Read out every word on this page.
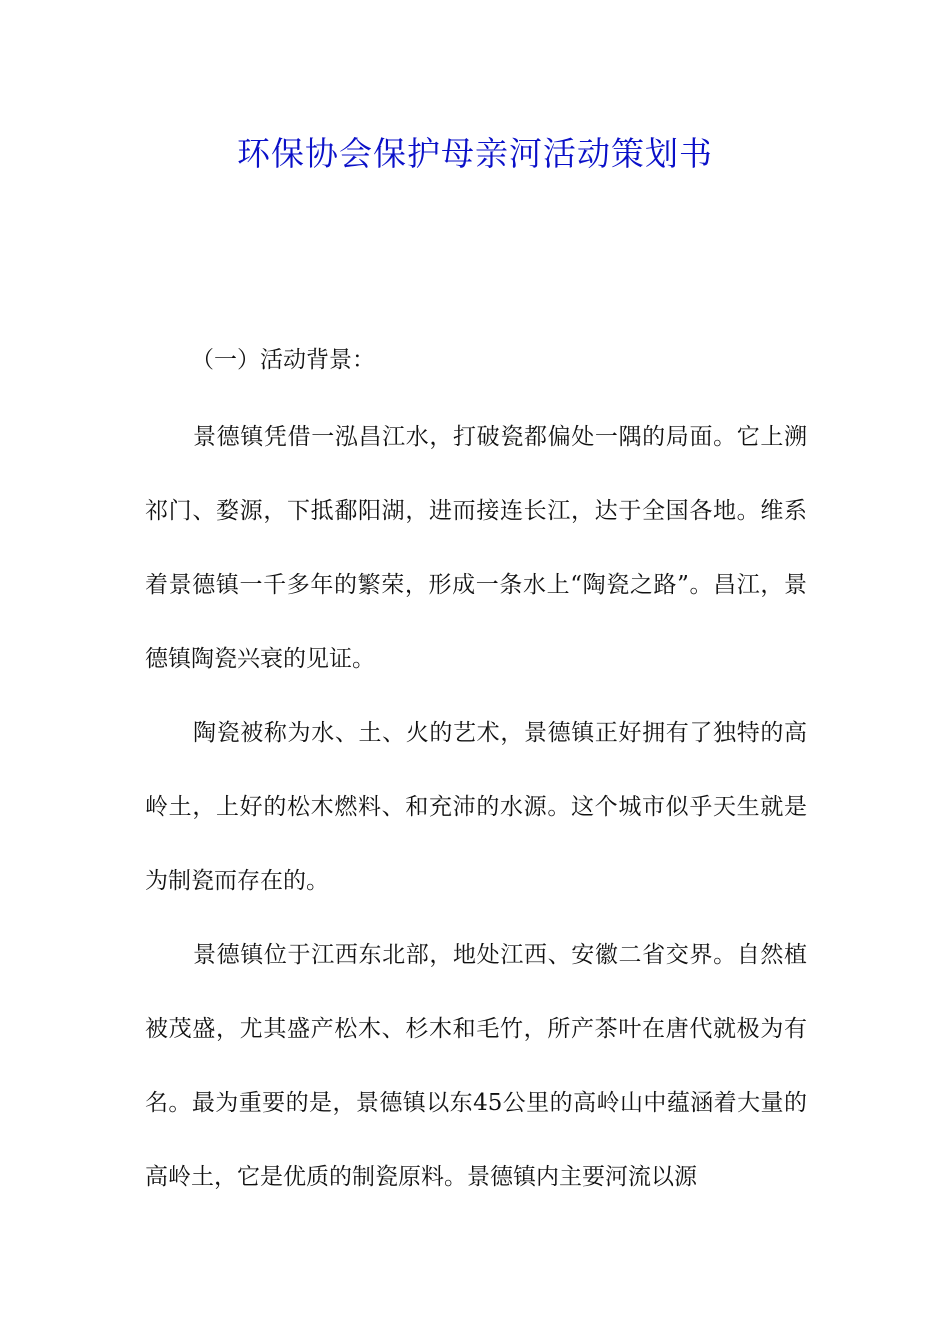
环保协会保护母亲河活动策划书
（一）活动背景：
景德镇凭借一泓昌江水，打破瓷都偏处一隅的局面。它上溯祁门、婺源，下抵鄱阳湖，进而接连长江，达于全国各地。维系着景德镇一千多年的繁荣，形成一条水上“陶瓷之路”。昌江，景德镇陶瓷兴衰的见证。
陶瓷被称为水、土、火的艺术，景德镇正好拥有了独特的高岭土，上好的松木燃料、和充沛的水源。这个城市似乎天生就是为制瓷而存在的。
景德镇位于江西东北部，地处江西、安徽二省交界。自然植被茂盛，尤其盛产松木、杉木和毛竹，所产茶叶在唐代就极为有名。最为重要的是，景德镇以东45公里的高岭山中蕴涵着大量的高岭土，它是优质的制瓷原料。景德镇内主要河流以源
